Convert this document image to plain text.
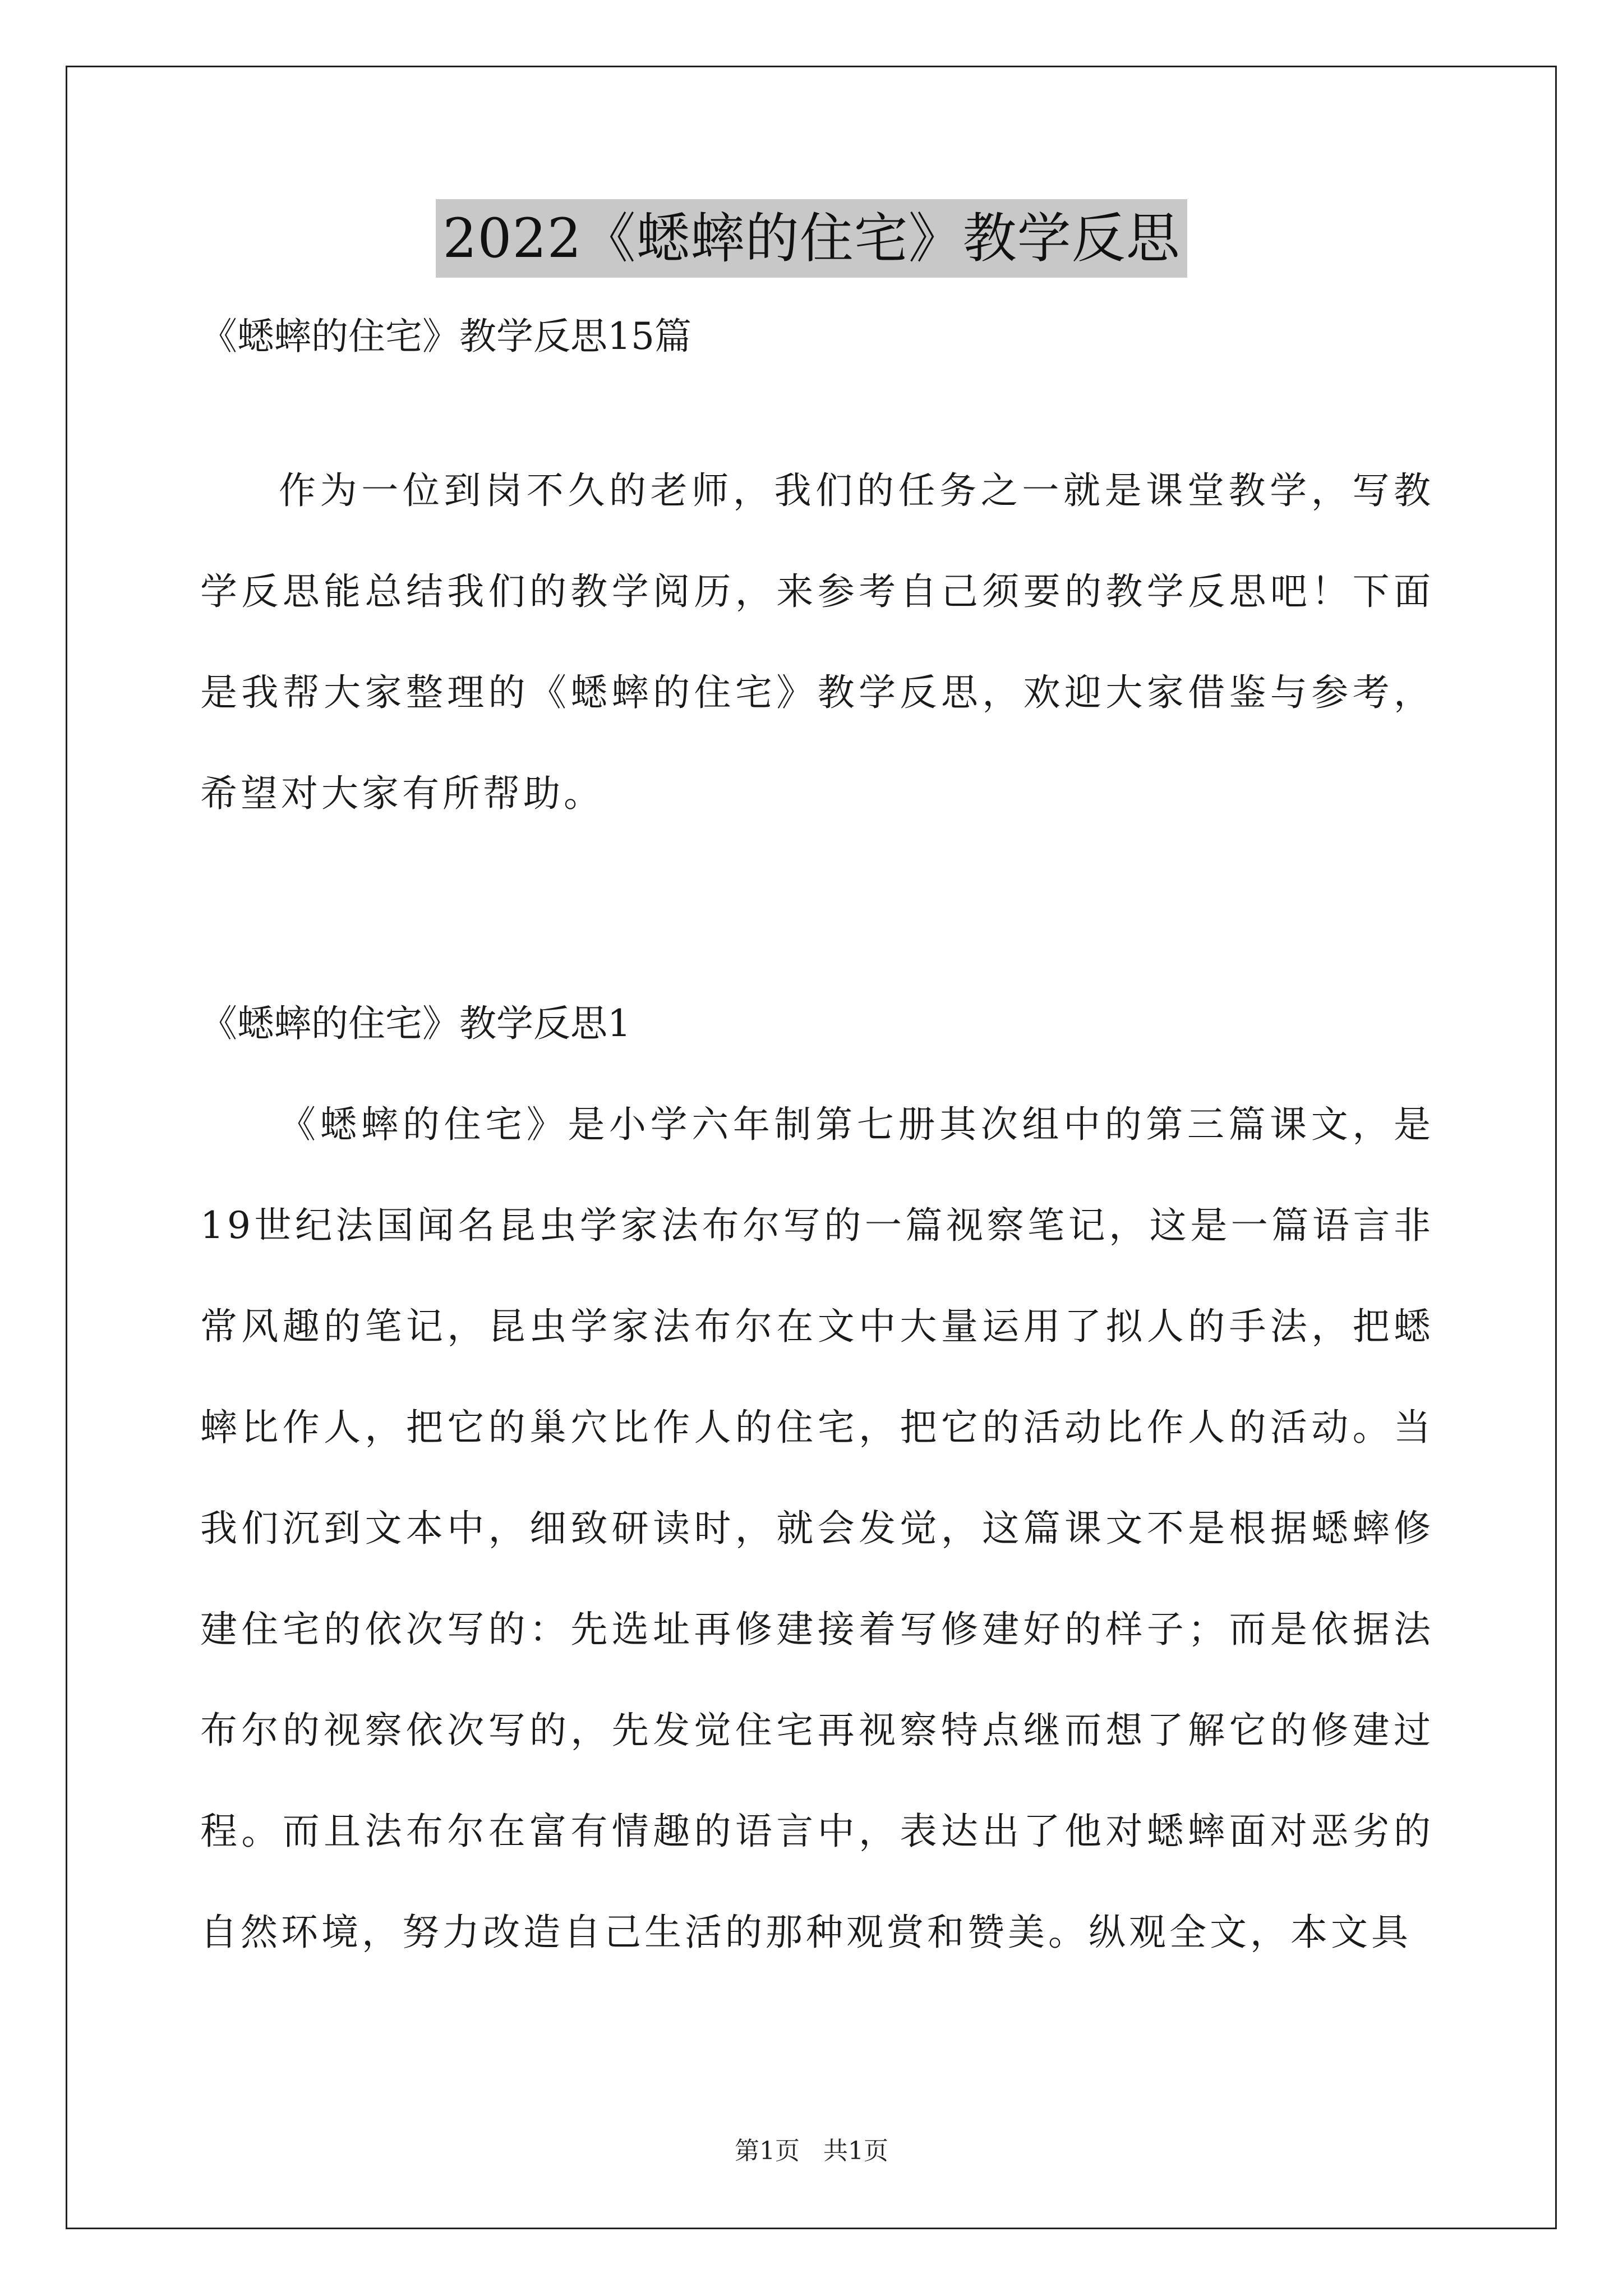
2022《蟋蟀的住宅》教学反思
《蟋蟀的住宅》教学反思15篇

作为一位到岗不久的老师，我们的任务之一就是课堂教学，写教学反思能总结我们的教学阅历，来参考自己须要的教学反思吧！下面是我帮大家整理的《蟋蟀的住宅》教学反思，欢迎大家借鉴与参考，希望对大家有所帮助。

《蟋蟀的住宅》教学反思1

《蟋蟀的住宅》是小学六年制第七册其次组中的第三篇课文，是19世纪法国闻名昆虫学家法布尔写的一篇视察笔记，这是一篇语言非常风趣的笔记，昆虫学家法布尔在文中大量运用了拟人的手法，把蟋蟀比作人，把它的巢穴比作人的住宅，把它的活动比作人的活动。当我们沉到文本中，细致研读时，就会发觉，这篇课文不是根据蟋蟀修建住宅的依次写的：先选址再修建接着写修建好的样子；而是依据法布尔的视察依次写的，先发觉住宅再视察特点继而想了解它的修建过程。而且法布尔在富有情趣的语言中，表达出了他对蟋蟀面对恶劣的自然环境，努力改造自己生活的那种观赏和赞美。纵观全文，本文具

第1页   共1页
